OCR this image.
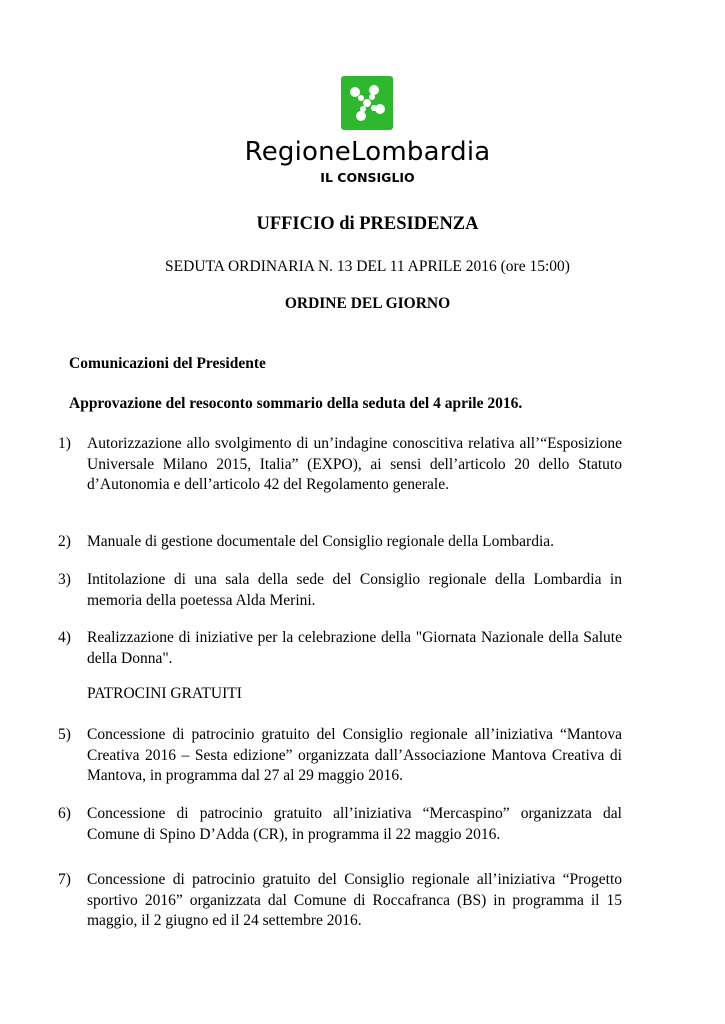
RegioneLombardia
IL CONSIGLIO
UFFICIO di PRESIDENZA
SEDUTA ORDINARIA N. 13 DEL 11 APRILE 2016 (ore 15:00)
ORDINE DEL GIORNO
Comunicazioni del Presidente
Approvazione del resoconto sommario della seduta del 4 aprile 2016.
1) Autorizzazione allo svolgimento di un’indagine conoscitiva relativa all’“Esposizione Universale Milano 2015, Italia” (EXPO), ai sensi dell’articolo 20 dello Statuto d’Autonomia e dell’articolo 42 del Regolamento generale.
2) Manuale di gestione documentale del Consiglio regionale della Lombardia.
3) Intitolazione di una sala della sede del Consiglio regionale della Lombardia in memoria della poetessa Alda Merini.
4) Realizzazione di iniziative per la celebrazione della "Giornata Nazionale della Salute della Donna".
PATROCINI GRATUITI
5) Concessione di patrocinio gratuito del Consiglio regionale all’iniziativa “Mantova Creativa 2016 – Sesta edizione” organizzata dall’Associazione Mantova Creativa di Mantova, in programma dal 27 al 29 maggio 2016.
6) Concessione di patrocinio gratuito all’iniziativa “Mercaspino” organizzata dal Comune di Spino D’Adda (CR), in programma il 22 maggio 2016.
7) Concessione di patrocinio gratuito del Consiglio regionale all’iniziativa “Progetto sportivo 2016” organizzata dal Comune di Roccafranca (BS) in programma il 15 maggio, il 2 giugno ed il 24 settembre 2016.
